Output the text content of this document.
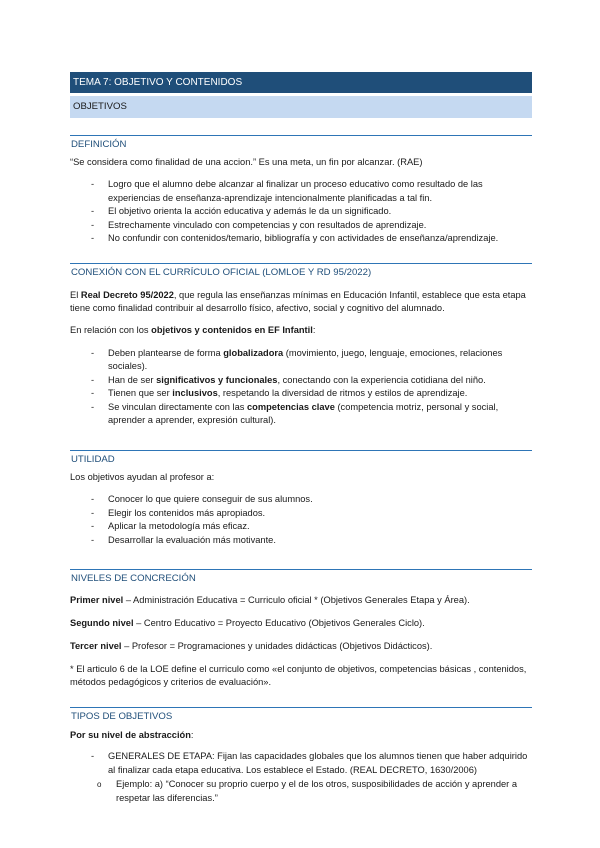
TEMA 7: OBJETIVO Y CONTENIDOS
OBJETIVOS
DEFINICIÓN

“Se considera como finalidad de una accion.” Es una meta, un fin por alcanzar. (RAE)

- Logro que el alumno debe alcanzar al finalizar un proceso educativo como resultado de las experiencias de enseñanza-aprendizaje intencionalmente planificadas a tal fin.
- El objetivo orienta la acción educativa y además le da un significado.
- Estrechamente vinculado con competencias y con resultados de aprendizaje.
- No confundir con contenidos/temario, bibliografía y con actividades de enseñanza/aprendizaje.
CONEXIÓN CON EL CURRÍCULO OFICIAL (LOMLOE Y RD 95/2022)

El Real Decreto 95/2022, que regula las enseñanzas mínimas en Educación Infantil, establece que esta etapa tiene como finalidad contribuir al desarrollo físico, afectivo, social y cognitivo del alumnado.

En relación con los objetivos y contenidos en EF Infantil:

- Deben plantearse de forma globalizadora (movimiento, juego, lenguaje, emociones, relaciones sociales).
- Han de ser significativos y funcionales, conectando con la experiencia cotidiana del niño.
- Tienen que ser inclusivos, respetando la diversidad de ritmos y estilos de aprendizaje.
- Se vinculan directamente con las competencias clave (competencia motriz, personal y social, aprender a aprender, expresión cultural).
UTILIDAD

Los objetivos ayudan al profesor a:

- Conocer lo que quiere conseguir de sus alumnos.
- Elegir los contenidos más apropiados.
- Aplicar la metodología más eficaz.
- Desarrollar la evaluación más motivante.
NIVELES DE CONCRECIÓN

Primer nivel – Administración Educativa = Curriculo oficial * (Objetivos Generales Etapa y Área).

Segundo nivel – Centro Educativo = Proyecto Educativo (Objetivos Generales Ciclo).

Tercer nivel – Profesor = Programaciones y unidades didácticas (Objetivos Didácticos).

* El articulo 6 de la LOE define el curriculo como «el conjunto de objetivos, competencias básicas , contenidos, métodos pedagógicos y criterios de evaluación».

TIPOS DE OBJETIVOS

Por su nivel de abstracción:

- GENERALES DE ETAPA: Fijan las capacidades globales que los alumnos tienen que haber adquirido al finalizar cada etapa educativa. Los establece el Estado. (REAL DECRETO, 1630/2006)
o Ejemplo: a) “Conocer su proprio cuerpo y el de los otros, susposibilidades de acción y aprender a respetar las diferencias.”
